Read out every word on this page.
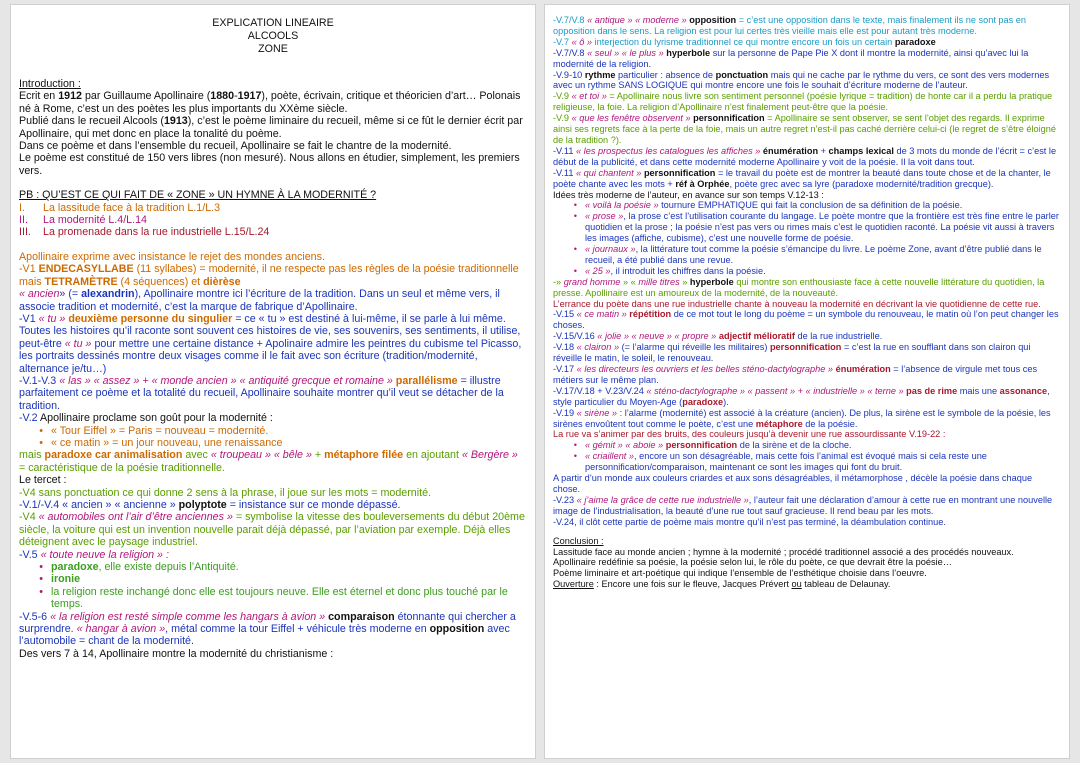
EXPLICATION LINEAIRE
ALCOOLS
ZONE

Introduction :

Ecrit en 1912 par Guillaume Apollinaire (1880-1917), poète, écrivain, critique et théoricien d’art… Polonais né à Rome, c’est un des poètes les plus importants du XXème siècle.

Publié dans le recueil Alcools (1913), c’est le poème liminaire du recueil, même si ce fût le dernier écrit par Apollinaire, qui met donc en place la tonalité du poème.

Dans ce poème et dans l’ensemble du recueil, Apollinaire se fait le chantre de la modernité.

Le poème est constitué de 150 vers libres (non mesuré). Nous allons en étudier, simplement, les premiers vers.

PB : QU’EST CE QUI FAIT DE « ZONE » UN HYMNE À LA MODERNITÉ ?

I.	La lassitude face à la tradition L.1/L.3
II.	La modernité L.4/L.14
III.	La promenade dans la rue industrielle L.15/L.24

Apollinaire exprime avec insistance le rejet des mondes anciens.

-V1 ENDECASYLLABE (11 syllabes) = modernité, il ne respecte pas les règles de la poésie traditionnelle mais TETRAMÈTRE (4 séquences) et dièrèse

« ancien» (= alexandrin), Apollinaire montre ici l’écriture de la tradition. Dans un seul et même vers, il associe tradition et modernité, c’est la marque de fabrique d’Apollinaire.

-V1 « tu » deuxième personne du singulier = ce « tu » est destiné à lui-même, il se parle à lui même. Toutes les histoires qu’il raconte sont souvent ces histoires de vie, ses souvenirs, ses sentiments, il utilise, peut-être « tu » pour mettre une certaine distance + Apolinaire admire les peintres du cubisme tel Picasso, les portraits dessinés montre deux visages comme il le fait avec son écriture (tradition/modernité, alternance je/tu…)

-V.1-V.3 « las » « assez » + « monde ancien » « antiquité grecque et romaine » parallélisme = illustre parfaitement ce poème et la totalité du recueil, Apollinaire souhaite montrer qu’il veut se détacher de la tradition.

-V.2 Apollinaire proclame son goût pour la modernité :

• « Tour Eiffel » = Paris = nouveau = modernité.
• « ce matin » = un jour nouveau, une renaissance

mais paradoxe car animalisation avec « troupeau » « bêle » + métaphore filée en ajoutant « Bergère » = caractéristique de la poésie traditionnelle.

Le tercet :

-V4 sans ponctuation ce qui donne 2 sens à la phrase, il joue sur les mots = modernité.

-V.1/-V.4 « ancien » « ancienne » polyptote = insistance sur ce monde dépassé.

-V4 « automobiles ont l’air d’être anciennes » = symbolise la vitesse des bouleversements du début 20ème siècle, la voiture qui est un invention nouvelle parait déjà dépassé, par l’aviation par exemple. Déjà elles déteignent avec le paysage industriel.

-V.5 « toute neuve la religion » :

• paradoxe, elle existe depuis l’Antiquité.
• ironie
• la religion reste inchangé donc elle est toujours neuve. Elle est éternel et donc plus touché par le temps.

-V.5-6 « la religion est resté simple comme les hangars à avion » comparaison étonnante qui chercher a surprendre. « hangar à avion », métal comme la tour Eiffel + véhicule très moderne en opposition avec l’automobile = chant de la modernité.

Des vers 7 à 14, Apollinaire montre la modernité du christianisme :

-V.7/V.8 « antique » « moderne » opposition = c’est une opposition dans le texte, mais finalement ils ne sont pas en opposition dans le sens. La religion est pour lui certes très vieille mais elle est pour autant très moderne.

-V.7 « ô » interjection du lyrisme traditionnel ce qui montre encore un fois un certain paradoxe

-V.7/V.8 « seul » « le plus » hyperbole sur la personne de Pape Pie X dont il montre la modernité, ainsi qu’avec lui la modernité de la religion.

-V.9-10 rythme particulier : absence de ponctuation mais qui ne cache par le rythme du vers, ce sont des vers modernes avec un rythme SANS LOGIQUE qui montre encore une fois le souhait d’écriture moderne de l’auteur.

-V.9 « et toi » = Apollinaire nous livre son sentiment personnel (poésie lyrique = tradition) de honte car il a perdu la pratique religieuse, la foie. La religion d’Apollinaire n’est finalement peut-être que la poésie.

-V.9 « que les fenêtre observent » personnification = Apollinaire se sent observer, se sent l’objet des regards. Il exprime ainsi ses regrets face à la perte de la foie, mais un autre regret n’est-il pas caché derrière celui-ci (le regret de s’être éloigné de la tradition ?).

-V.11 « les prospectus les catalogues les affiches » énumération + champs lexical de 3 mots du monde de l’écrit = c’est le début de la publicité, et dans cette modernité moderne Apollinaire y voit de la poésie. Il la voit dans tout.

-V.11 « qui chantent » personnification = le travail du poète est de montrer la beauté dans toute chose et de la chanter, le poète chante avec les mots + réf à Orphée, poète grec avec sa lyre (paradoxe modernité/tradition grecque).

Idées très moderne de l’auteur, en avance sur son temps V.12-13 :

• « voilà la poésie » tournure EMPHATIQUE qui fait la conclusion de sa définition de la poésie.
• « prose », la prose c’est l’utilisation courante du langage. Le poète montre que la frontière est très fine entre le parler quotidien et la prose ; la poésie n’est pas vers ou rimes mais c’est le quotidien raconté. La poésie vit aussi à travers les images (affiche, cubisme), c’est une nouvelle forme de poésie.
• « journaux », la littérature tout comme la poésie s’émancipe du livre. Le poème Zone, avant d’être publié dans le recueil, a été publié dans une revue.
• « 25 », il introduit les chiffres dans la poésie.

-» grand homme » « mille titres » hyperbole qui montre son enthousiaste face à cette nouvelle littérature du quotidien, la presse. Apollinaire est un amoureux de la modernité, de la nouveauté.

L’errance du poète dans une rue industrielle chante à nouveau la modernité en décrivant la vie quotidienne de cette rue.

-V.15 « ce matin » répétition de ce mot tout le long du poème = un symbole du renouveau, le matin où l’on peut changer les choses.

-V.15/V.16 « jolie » « neuve » « propre » adjectif mélioratif de la rue industrielle.

-V.18 « clairon » (= l’alarme qui réveille les militaires) personnification = c’est la rue en soufflant dans son clairon qui réveille le matin, le soleil, le renouveau.

-V.17 « les directeurs les ouvriers et les belles sténo-dactylographe » énumération = l’absence de virgule met tous ces métiers sur le même plan.

-V.17/V.18 + V.23/V.24 « sténo-dactylographe » « passent » + « industrielle » « terne » pas de rime mais une assonance, style particulier du Moyen-Age (paradoxe).

-V.19 « sirène » : l’alarme (modernité) est associé à la créature (ancien). De plus, la sirène est le symbole de la poésie, les sirènes envoûtent tout comme le poète, c’est une métaphore de la poésie.

La rue va s’animer par des bruits, des couleurs jusqu’à devenir une rue assourdissante V.19-22 :

• « gémit » « aboie » personnification de la sirène et de la cloche.
• « criaillent », encore un son désagréable, mais cette fois l’animal est évoqué mais si cela reste une personnification/comparaison, maintenant ce sont les images qui font du bruit.

A partir d’un monde aux couleurs criardes et aux sons désagréables, il métamorphose , décèle la poésie dans chaque chose.

-V.23 « j’aime la grâce de cette rue industrielle », l’auteur fait une déclaration d’amour à cette rue en montrant une nouvelle image de l’industrialisation, la beauté d’une rue tout sauf gracieuse. Il rend beau par les mots.

-V.24, il clôt cette partie de poème mais montre qu’il n’est pas terminé, la déambulation continue.

Conclusion :

Lassitude face au monde ancien ; hymne à la modernité ; procédé traditionnel associé a des procédés nouveaux.

Apollinaire redéfinie sa poésie, la poésie selon lui, le rôle du poète, ce que devrait être la poésie…

Poème liminaire et art-poétique qui indique l’ensemble de l’esthétique choisie dans l’oeuvre.

Ouverture : Encore une fois sur le fleuve, Jacques Prévert ou tableau de Delaunay.
